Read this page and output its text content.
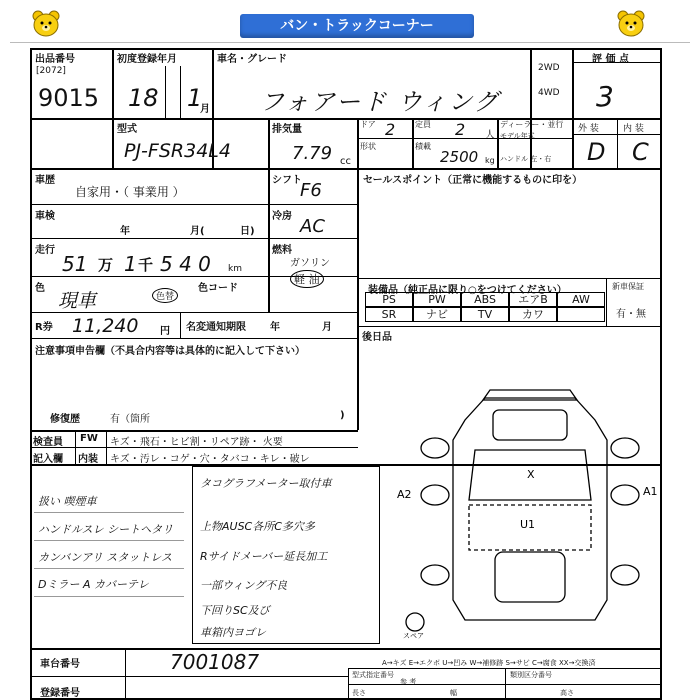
バン・トラックコーナー
出品番号
[2072]
9015
初度登録年月
18 1
月
車名・グレード
フォアード ウィング
2WD
4WD
評 価 点
3
型式
PJ-FSR34L4
排気量
7.79 cc
ドア 2 定員 2 人
形状	積載
2500 kg
ディーラー・並行
モデル年式
ハンドル 左・右
外 装	内 装
D C
車歴
自家用・（ 事業用 ）
シフト
F6
車検
年	月(	日)
冷房 AC
走行
51 万 1 千 5 4 0 km
燃料
ガソリン
軽 油
色
現車	色替
色コード
R券 11,240 円 名変通知期限 年	月
注意事項申告欄（不具合内容等は具体的に記入して下さい）
修復歴	有（箇所	)
検査員
記入欄
FW
内装
キズ・飛石・ヒビ割・リペア跡・ 火要
キズ・汚レ・コゲ・穴・タバコ・キレ・破レ
セールスポイント（正常に機能するものに印を）
装備品（純正品に限り○をつけてください）	新車保証
有・無
PS	PW	ABS	エアB	AW
SR	ナビ	TV	カワ
後日品
タコグラフメーター取付車
上物AUSC各所C多穴多
Rサイドメーバー延長加工
一部ウィング不良
下回りSC及び
車箱内ヨゴレ
扱い 喫煙車
ハンドルスレ シートヘタリ
カンバンアリ スタットレス
Dミラー A カバーテレ
A1
A2
X
U1
スペア
A→キズ E→エクボ U→凹み W→補修跡 S→サビ C→腐食 XX→交換済
車台番号	7001087
登録番号
型式指定番号	類別区分番号
参 考
長さ	幅	高さ
